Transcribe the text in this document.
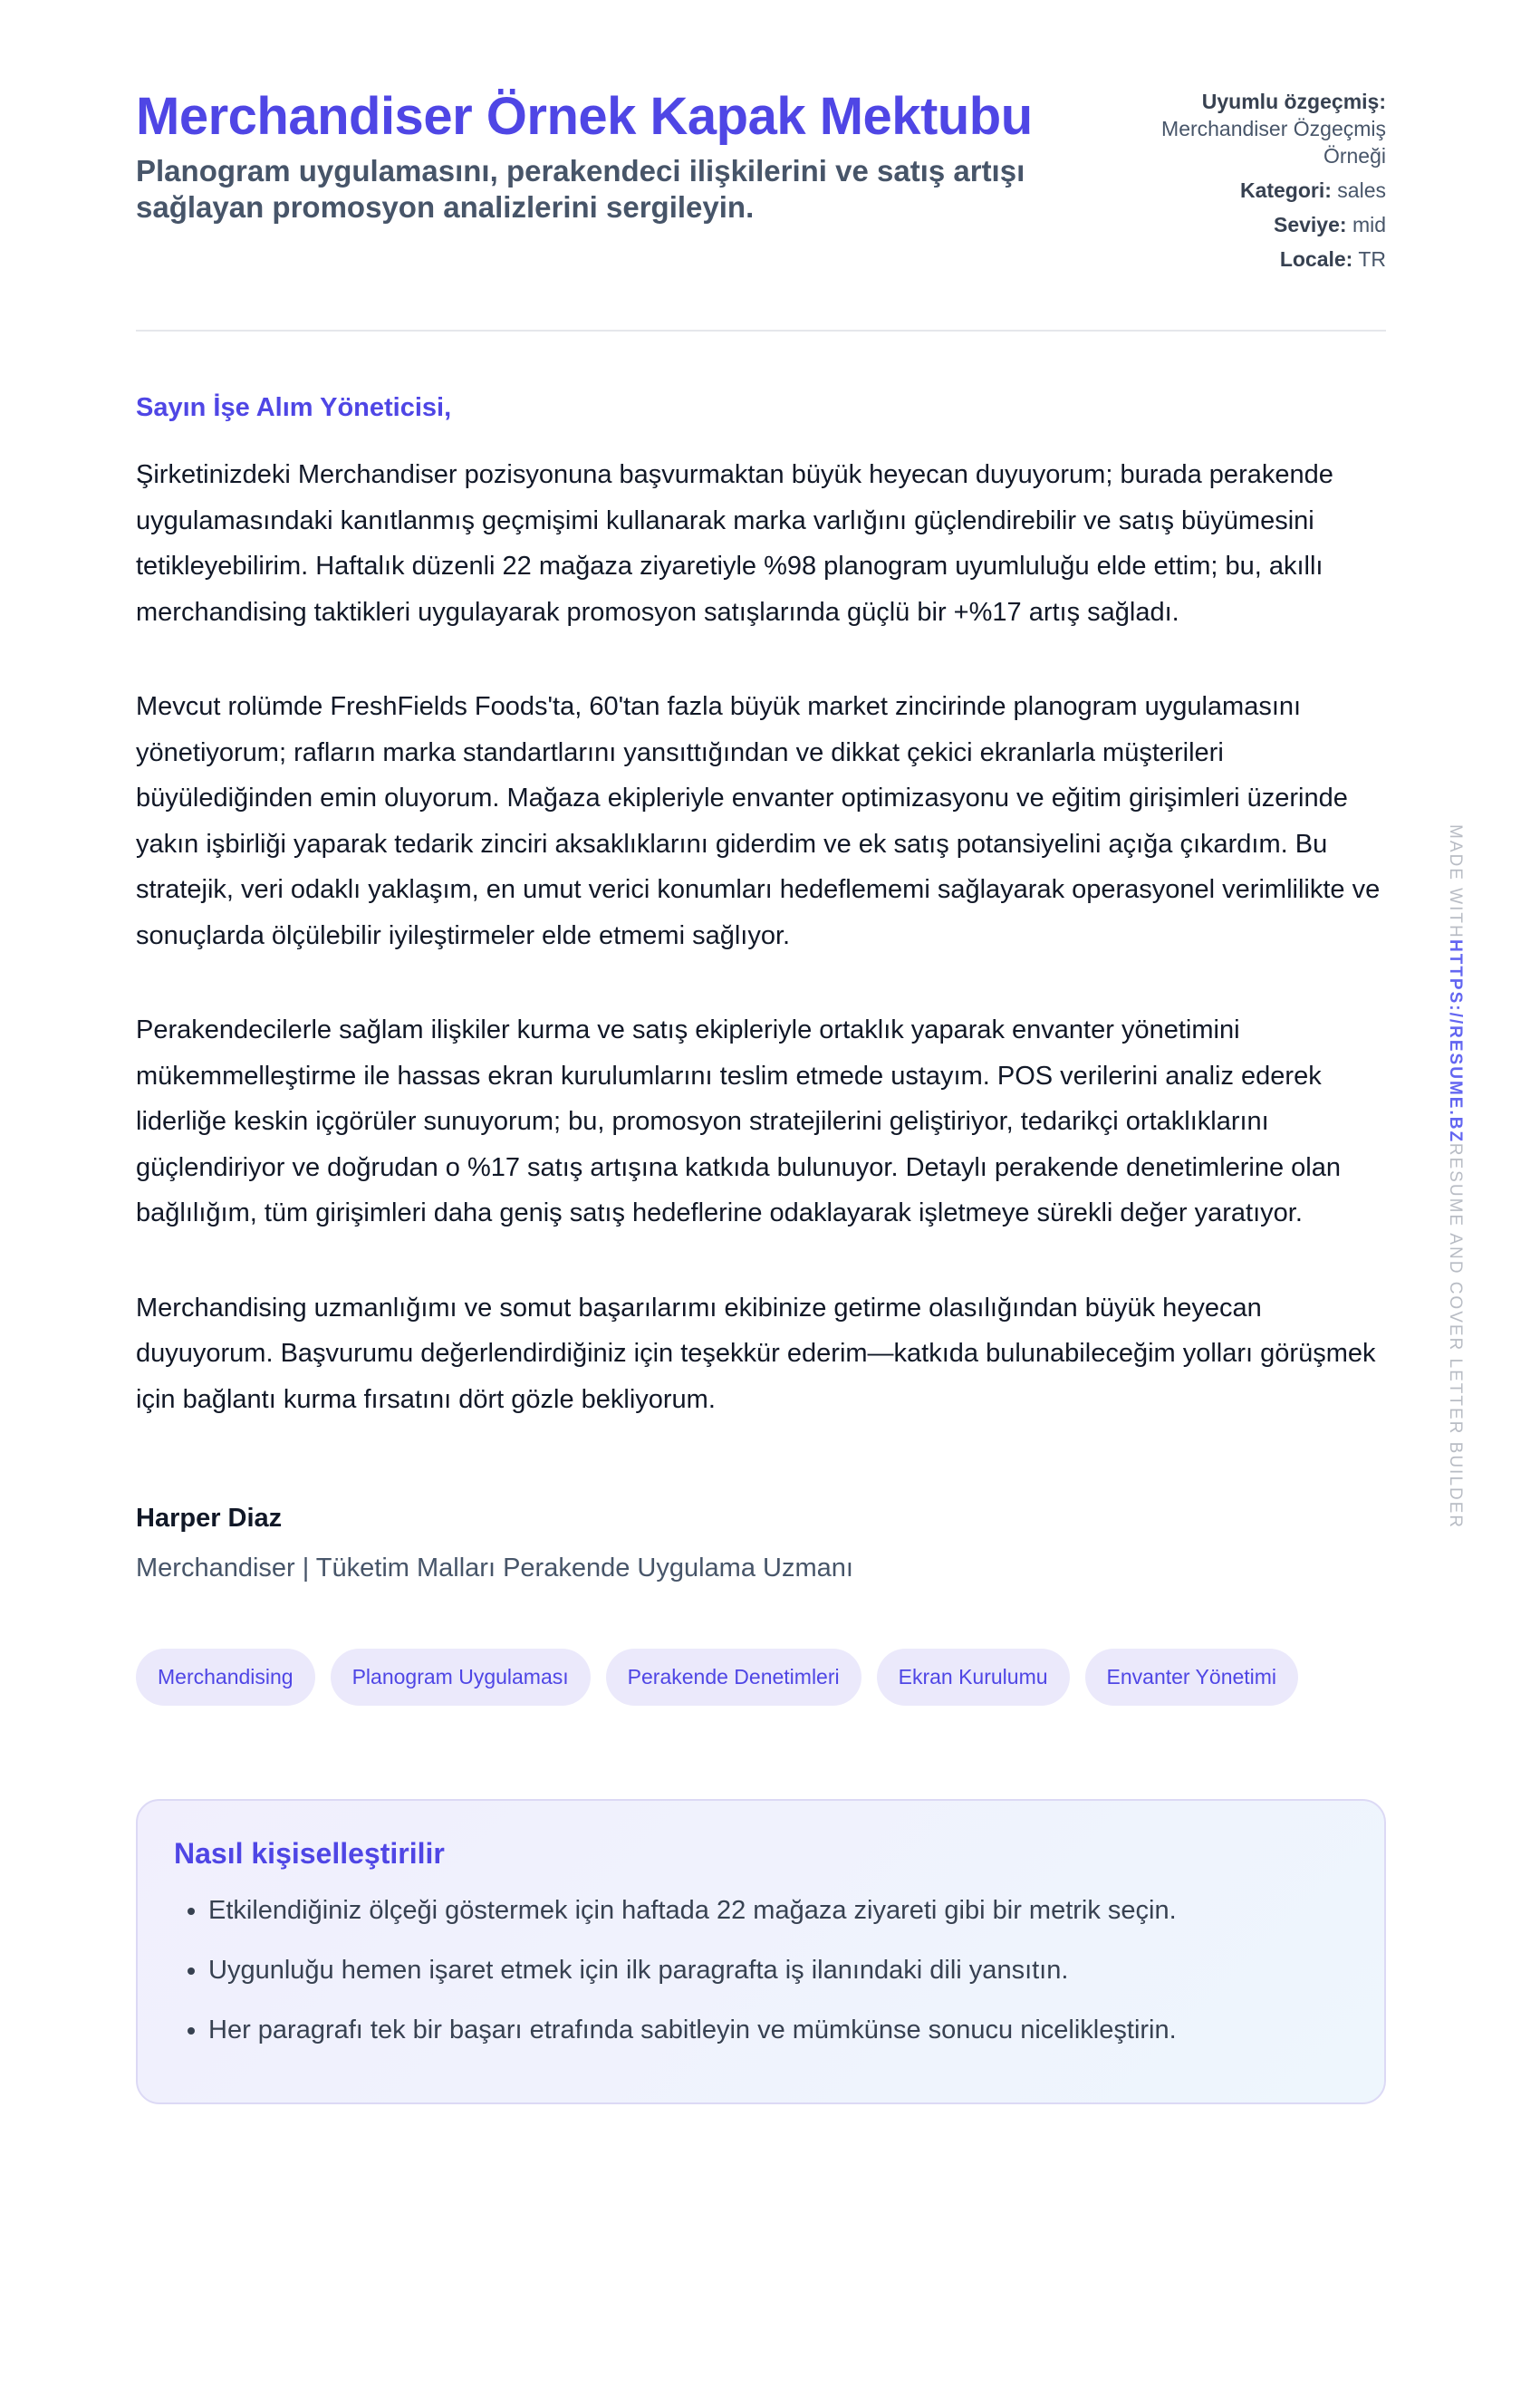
Merchandiser Örnek Kapak Mektubu

Planogram uygulamasını, perakendeci ilişkilerini ve satış artışı sağlayan promosyon analizlerini sergileyin.

Uyumlu özgeçmiş:
Merchandiser Özgeçmiş Örneği
Kategori: sales
Seviye: mid
Locale: TR
Sayın İşe Alım Yöneticisi,

Şirketinizdeki Merchandiser pozisyonuna başvurmaktan büyük heyecan duyuyorum; burada perakende uygulamasındaki kanıtlanmış geçmişimi kullanarak marka varlığını güçlendirebilir ve satış büyümesini tetikleyebilirim. Haftalık düzenli 22 mağaza ziyaretiyle %98 planogram uyumluluğu elde ettim; bu, akıllı merchandising taktikleri uygulayarak promosyon satışlarında güçlü bir +%17 artış sağladı.

Mevcut rolümde FreshFields Foods'ta, 60'tan fazla büyük market zincirinde planogram uygulamasını yönetiyorum; rafların marka standartlarını yansıttığından ve dikkat çekici ekranlarla müşterileri büyülediğinden emin oluyorum. Mağaza ekipleriyle envanter optimizasyonu ve eğitim girişimleri üzerinde yakın işbirliği yaparak tedarik zinciri aksaklıklarını giderdim ve ek satış potansiyelini açığa çıkardım. Bu stratejik, veri odaklı yaklaşım, en umut verici konumları hedeflememi sağlayarak operasyonel verimlilikte ve sonuçlarda ölçülebilir iyileştirmeler elde etmemi sağlıyor.

Perakendecilerle sağlam ilişkiler kurma ve satış ekipleriyle ortaklık yaparak envanter yönetimini mükemmelleştirme ile hassas ekran kurulumlarını teslim etmede ustayım. POS verilerini analiz ederek liderliğe keskin içgörüler sunuyorum; bu, promosyon stratejilerini geliştiriyor, tedarikçi ortaklıklarını güçlendiriyor ve doğrudan o %17 satış artışına katkıda bulunuyor. Detaylı perakende denetimlerine olan bağlılığım, tüm girişimleri daha geniş satış hedeflerine odaklayarak işletmeye sürekli değer yaratıyor.

Merchandising uzmanlığımı ve somut başarılarımı ekibinize getirme olasılığından büyük heyecan duyuyorum. Başvurumu değerlendirdiğiniz için teşekkür ederim—katkıda bulunabileceğim yolları görüşmek için bağlantı kurma fırsatını dört gözle bekliyorum.

Harper Diaz
Merchandiser | Tüketim Malları Perakende Uygulama Uzmanı
Merchandising	Planogram Uygulaması	Perakende Denetimleri	Ekran Kurulumu	Envanter Yönetimi
Nasıl kişiselleştirilir
• Etkilendiğiniz ölçeği göstermek için haftada 22 mağaza ziyareti gibi bir metrik seçin.
• Uygunluğu hemen işaret etmek için ilk paragrafta iş ilanındaki dili yansıtın.
• Her paragrafı tek bir başarı etrafında sabitleyin ve mümkünse sonucu nicelikleştirin.
MADE WITHHTTPS://RESUME.BZRESUME AND COVER LETTER BUILDER
